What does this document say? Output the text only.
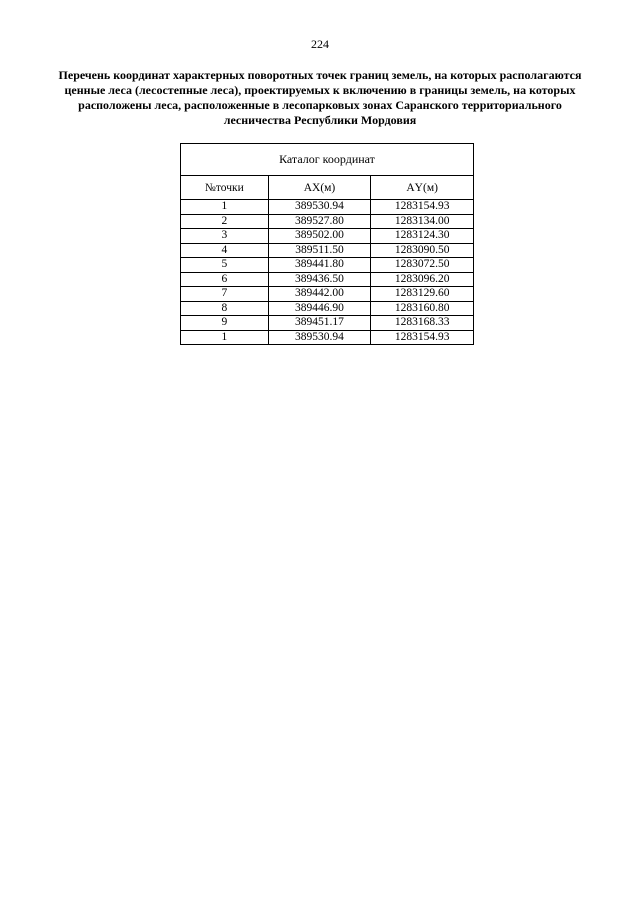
224
Перечень координат характерных поворотных точек границ земель, на которых располагаются ценные леса (лесостепные леса), проектируемых к включению в границы земель, на которых расположены леса, расположенные в лесопарковых зонах Саранского территориального лесничества Республики Мордовия
Каталог координат		
№точки	АХ(м)	АY(м)
1	389530.94	1283154.93
2	389527.80	1283134.00
3	389502.00	1283124.30
4	389511.50	1283090.50
5	389441.80	1283072.50
6	389436.50	1283096.20
7	389442.00	1283129.60
8	389446.90	1283160.80
9	389451.17	1283168.33
1	389530.94	1283154.93
